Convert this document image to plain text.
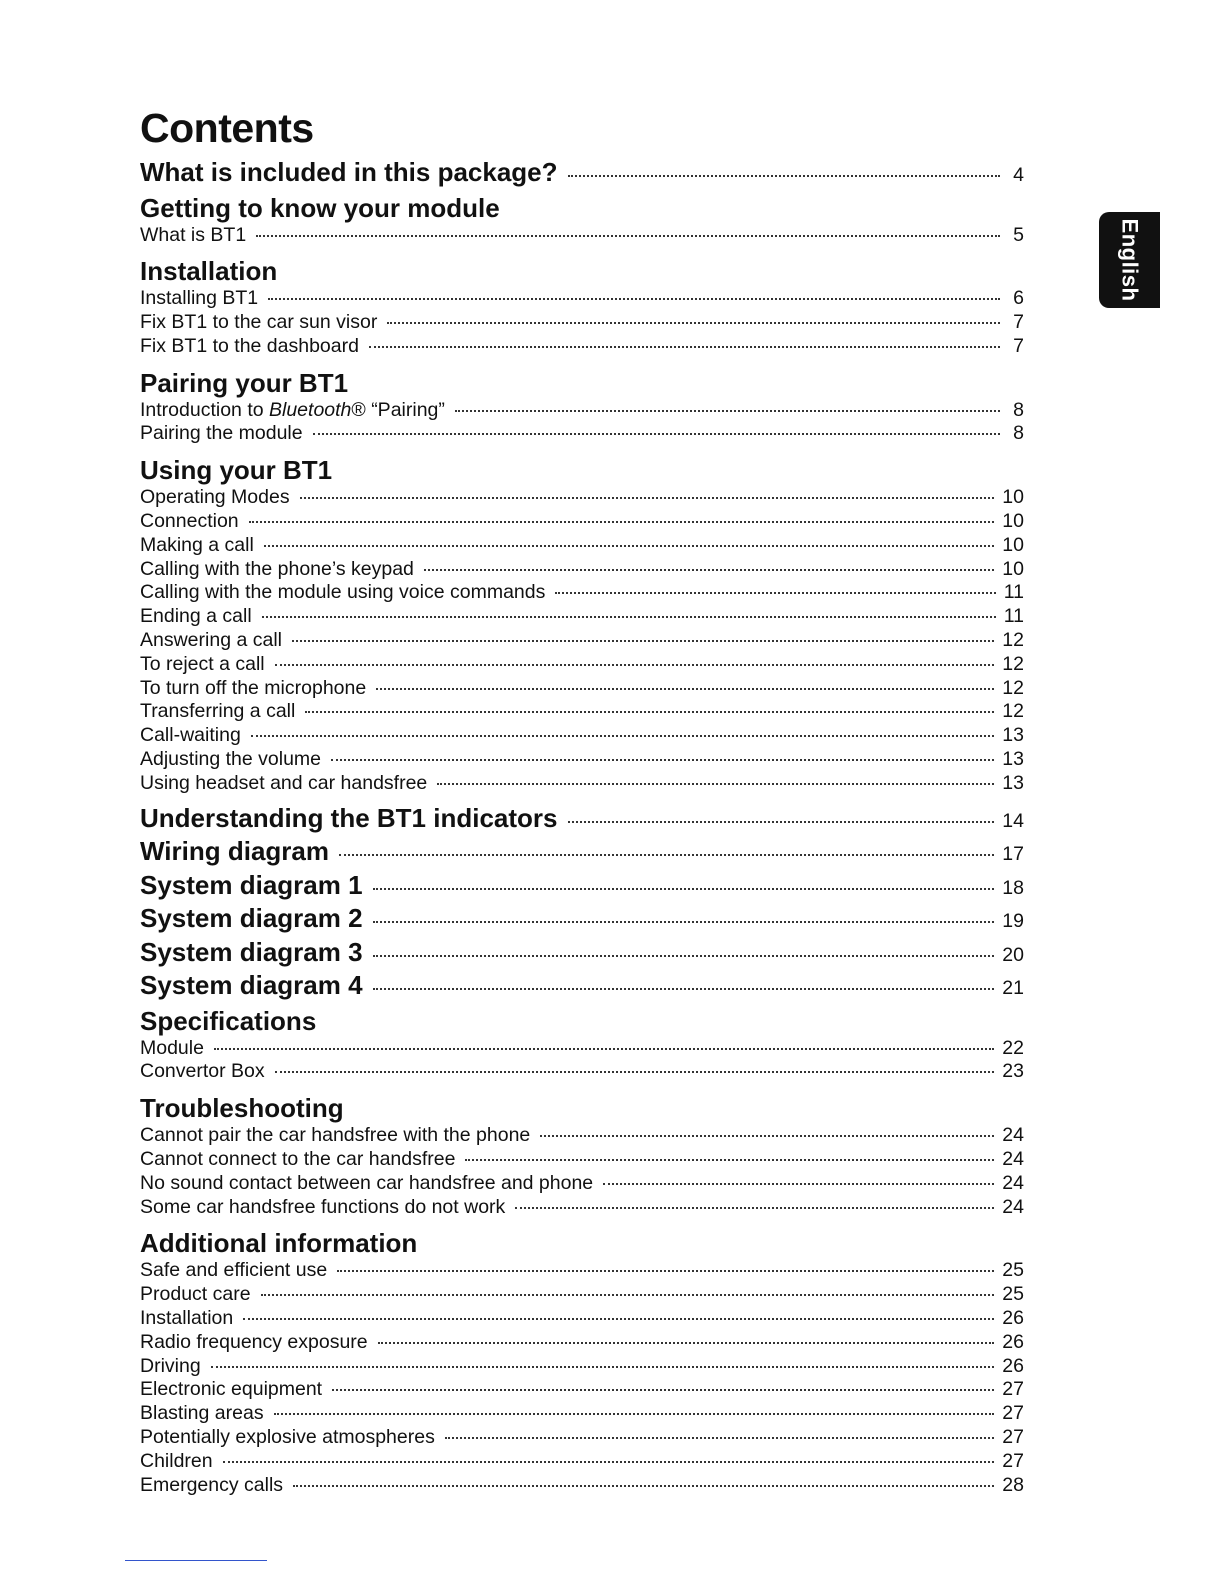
Contents
What is included in this package?	4
Getting to know your module
What is BT1	5
Installation
Installing BT1	6
Fix BT1 to the car sun visor	7
Fix BT1 to the dashboard	7
Pairing your BT1
Introduction to Bluetooth® “Pairing”	8
Pairing the module	8
Using your BT1
Operating Modes	10
Connection	10
Making a call	10
Calling with the phone’s keypad	10
Calling with the module using voice commands	11
Ending a call	11
Answering a call	12
To reject a call	12
To turn off the microphone	12
Transferring a call	12
Call-waiting	13
Adjusting the volume	13
Using headset and car handsfree	13
Understanding the BT1 indicators	14
Wiring diagram	17
System diagram 1	18
System diagram 2	19
System diagram 3	20
System diagram 4	21
Specifications
Module	22
Convertor Box	23
Troubleshooting
Cannot pair the car handsfree with the phone	24
Cannot connect to the car handsfree	24
No sound contact between car handsfree and phone	24
Some car handsfree functions do not work	24
Additional information
Safe and efficient use	25
Product care	25
Installation	26
Radio frequency exposure	26
Driving	26
Electronic equipment	27
Blasting areas	27
Potentially explosive atmospheres	27
Children	27
Emergency calls	28
English
